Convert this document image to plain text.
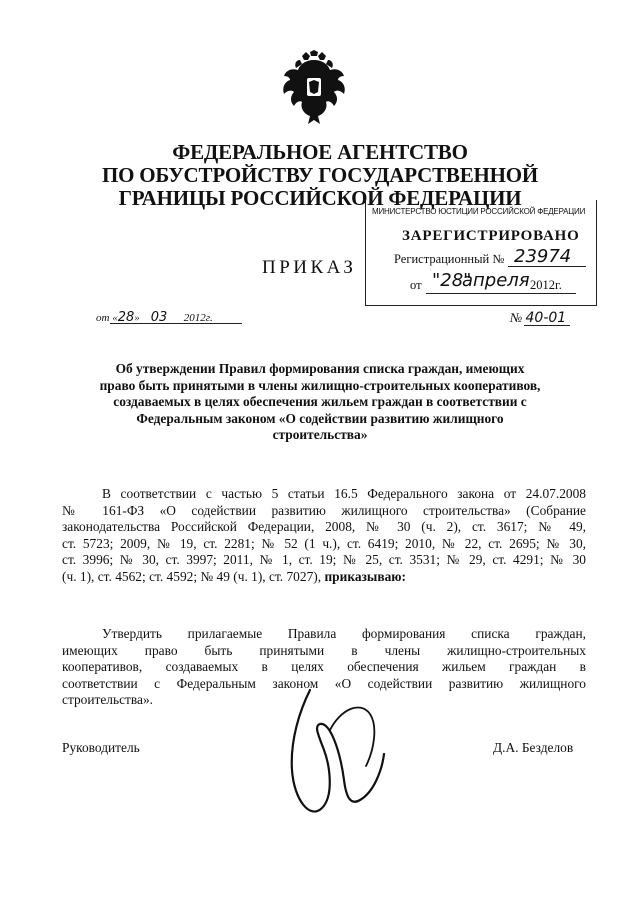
ФЕДЕРАЛЬНОЕ АГЕНТСТВО
ПО ОБУСТРОЙСТВУ ГОСУДАРСТВЕННОЙ
ГРАНИЦЫ РОССИЙСКОЙ ФЕДЕРАЦИИ
МИНИСТЕРСТВО ЮСТИЦИИ РОССИЙСКОЙ ФЕДЕРАЦИИ
ЗАРЕГИСТРИРОВАНО
Регистрационный № 23974
от "28"
апреля 2012г.
ПРИКАЗ
от «28» 03 2012г.	№ 40-01
Об утверждении Правил формирования списка граждан, имеющих
право быть принятыми в члены жилищно-строительных кооперативов,
создаваемых в целях обеспечения жильем граждан в соответствии с
Федеральным законом «О содействии развитию жилищного
строительства»
В соответствии с частью 5 статьи 16.5 Федерального закона от 24.07.2008
№ 161-ФЗ «О содействии развитию жилищного строительства» (Собрание
законодательства Российской Федерации, 2008, № 30 (ч. 2), ст. 3617; № 49,
ст. 5723; 2009, № 19, ст. 2281; № 52 (1 ч.), ст. 6419; 2010, № 22, ст. 2695; № 30,
ст. 3996; № 30, ст. 3997; 2011, № 1, ст. 19; № 25, ст. 3531; № 29, ст. 4291; № 30
(ч. 1), ст. 4562; ст. 4592; № 49 (ч. 1), ст. 7027), приказываю:
Утвердить прилагаемые Правила формирования списка граждан,
имеющих право быть принятыми в члены жилищно-строительных
кооперативов, создаваемых в целях обеспечения жильем граждан в
соответствии с Федеральным законом «О содействии развитию жилищного
строительства».
Руководитель	Д.А. Безделов
